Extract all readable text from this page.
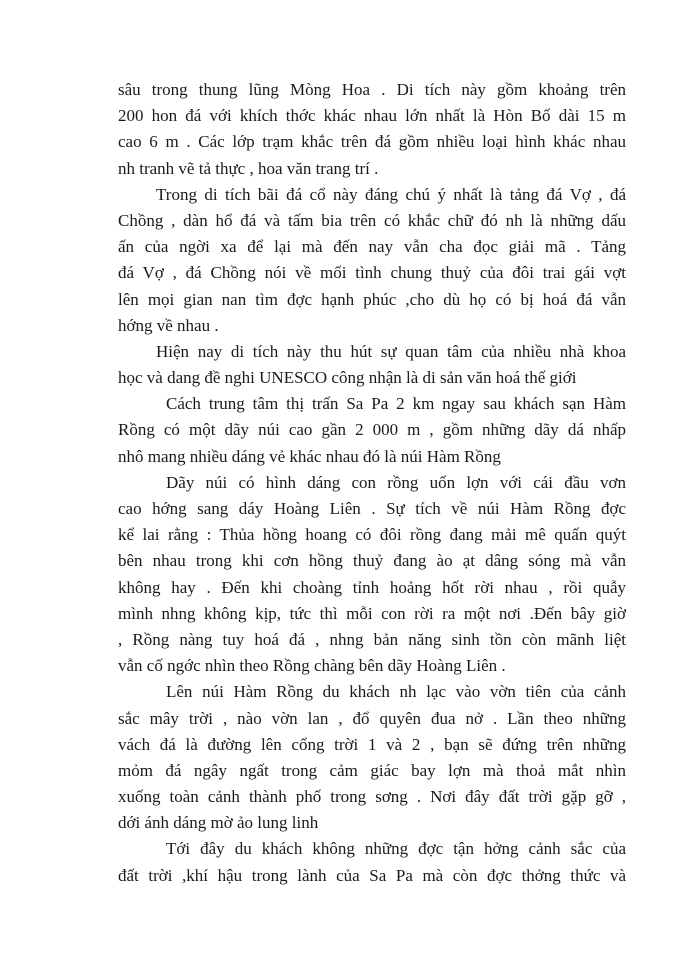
sâu trong thung lũng Mòng Hoa . Di tích này gồm khoảng trên
200 hon đá với khích thớc khác nhau lớn nhất là Hòn Bố dài 15 m
cao 6 m . Các lớp trạm khắc trên đá gồm nhiều loại hình khác nhau
nh tranh vẽ tả thực , hoa văn trang trí .
Trong di tích bãi đá cổ này đáng chú ý nhất là tảng đá Vợ , đá
Chồng , dàn hổ đá và tấm bia trên có khắc chữ đó nh là những dấu
ấn của ngời xa để lại mà đến nay vẫn cha đọc giải mã . Tảng
đá Vợ , đá Chồng nói về mối tình chung thuỷ của đôi trai gái vợt
lên mọi gian nan tìm đợc hạnh phúc ,cho dù họ có bị hoá đá vẫn
hớng về nhau .
Hiện nay di tích này thu hút sự quan tâm của nhiều nhà khoa
học và dang đề nghi UNESCO công nhận là di sản văn hoá thế giới
Cách trung tâm thị trấn Sa Pa 2 km ngay sau khách sạn Hàm
Rồng có một dãy núi cao gần 2 000 m , gồm những dãy dá nhấp
nhô mang nhiều dáng vẻ khác nhau đó là núi Hàm Rồng
Dãy núi có hình dáng con rồng uốn lợn với cái đầu vơn
cao hớng sang dáy Hoàng Liên . Sự tích về núi Hàm Rồng đợc
kể lai rằng : Thủa hồng hoang có đôi rồng đang mải mê quấn quýt
bên nhau trong khi cơn hồng thuỷ đang ào ạt dâng sóng mà vẫn
không hay . Đến khi choàng tỉnh hoảng hốt rời nhau , rồi quẫy
mình nhng không kịp, tức thì mỗi con rời ra một nơi .Đến bây giờ
, Rồng nàng tuy hoá đá , nhng bản năng sinh tồn còn mãnh liệt
vẫn cố ngớc nhìn theo Rồng chàng bên dãy Hoàng Liên .
Lên núi Hàm Rồng du khách nh lạc vào vờn tiên của cảnh
sắc mây trời , nào vờn lan , đổ quyên đua nở . Lần theo những
vách đá là đường lên cổng trời 1 và 2 , bạn sẽ đứng trên những
mỏm đá ngây ngất trong cảm giác bay lợn mà thoả mắt nhìn
xuống toàn cảnh thành phố trong sơng . Nơi đây đất trời gặp gỡ ,
dới ánh dáng mờ ảo lung linh
Tới đây du khách không những đợc tận hởng cảnh sắc của
đất trời ,khí hậu trong lành của Sa Pa mà còn đợc thởng thức và
